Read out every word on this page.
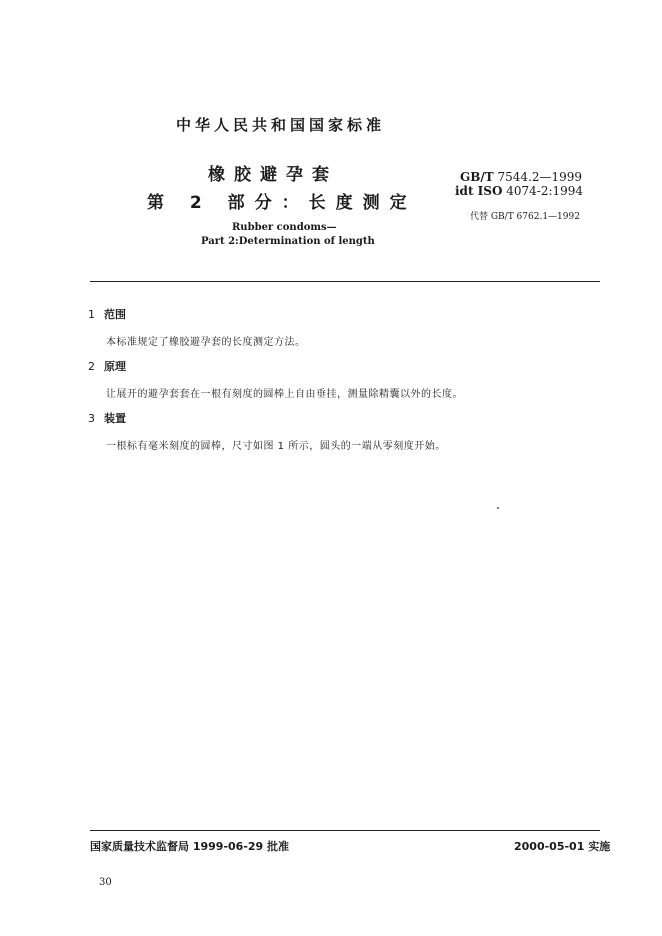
中华人民共和国国家标准
橡胶避孕套
第 2 部分：长度测定
GB/T 7544.2—1999
idt ISO 4074-2:1994
代替 GB/T 6762.1—1992
Rubber condoms—
Part 2:Determination of length
1 范围
本标准规定了橡胶避孕套的长度测定方法。
2 原理
让展开的避孕套套在一根有刻度的圆棒上自由垂挂，测量除精囊以外的长度。
3 装置
一根标有毫米刻度的圆棒，尺寸如图 1 所示，圆头的一端从零刻度开始。
国家质量技术监督局 1999-06-29 批准	2000-05-01 实施
30
